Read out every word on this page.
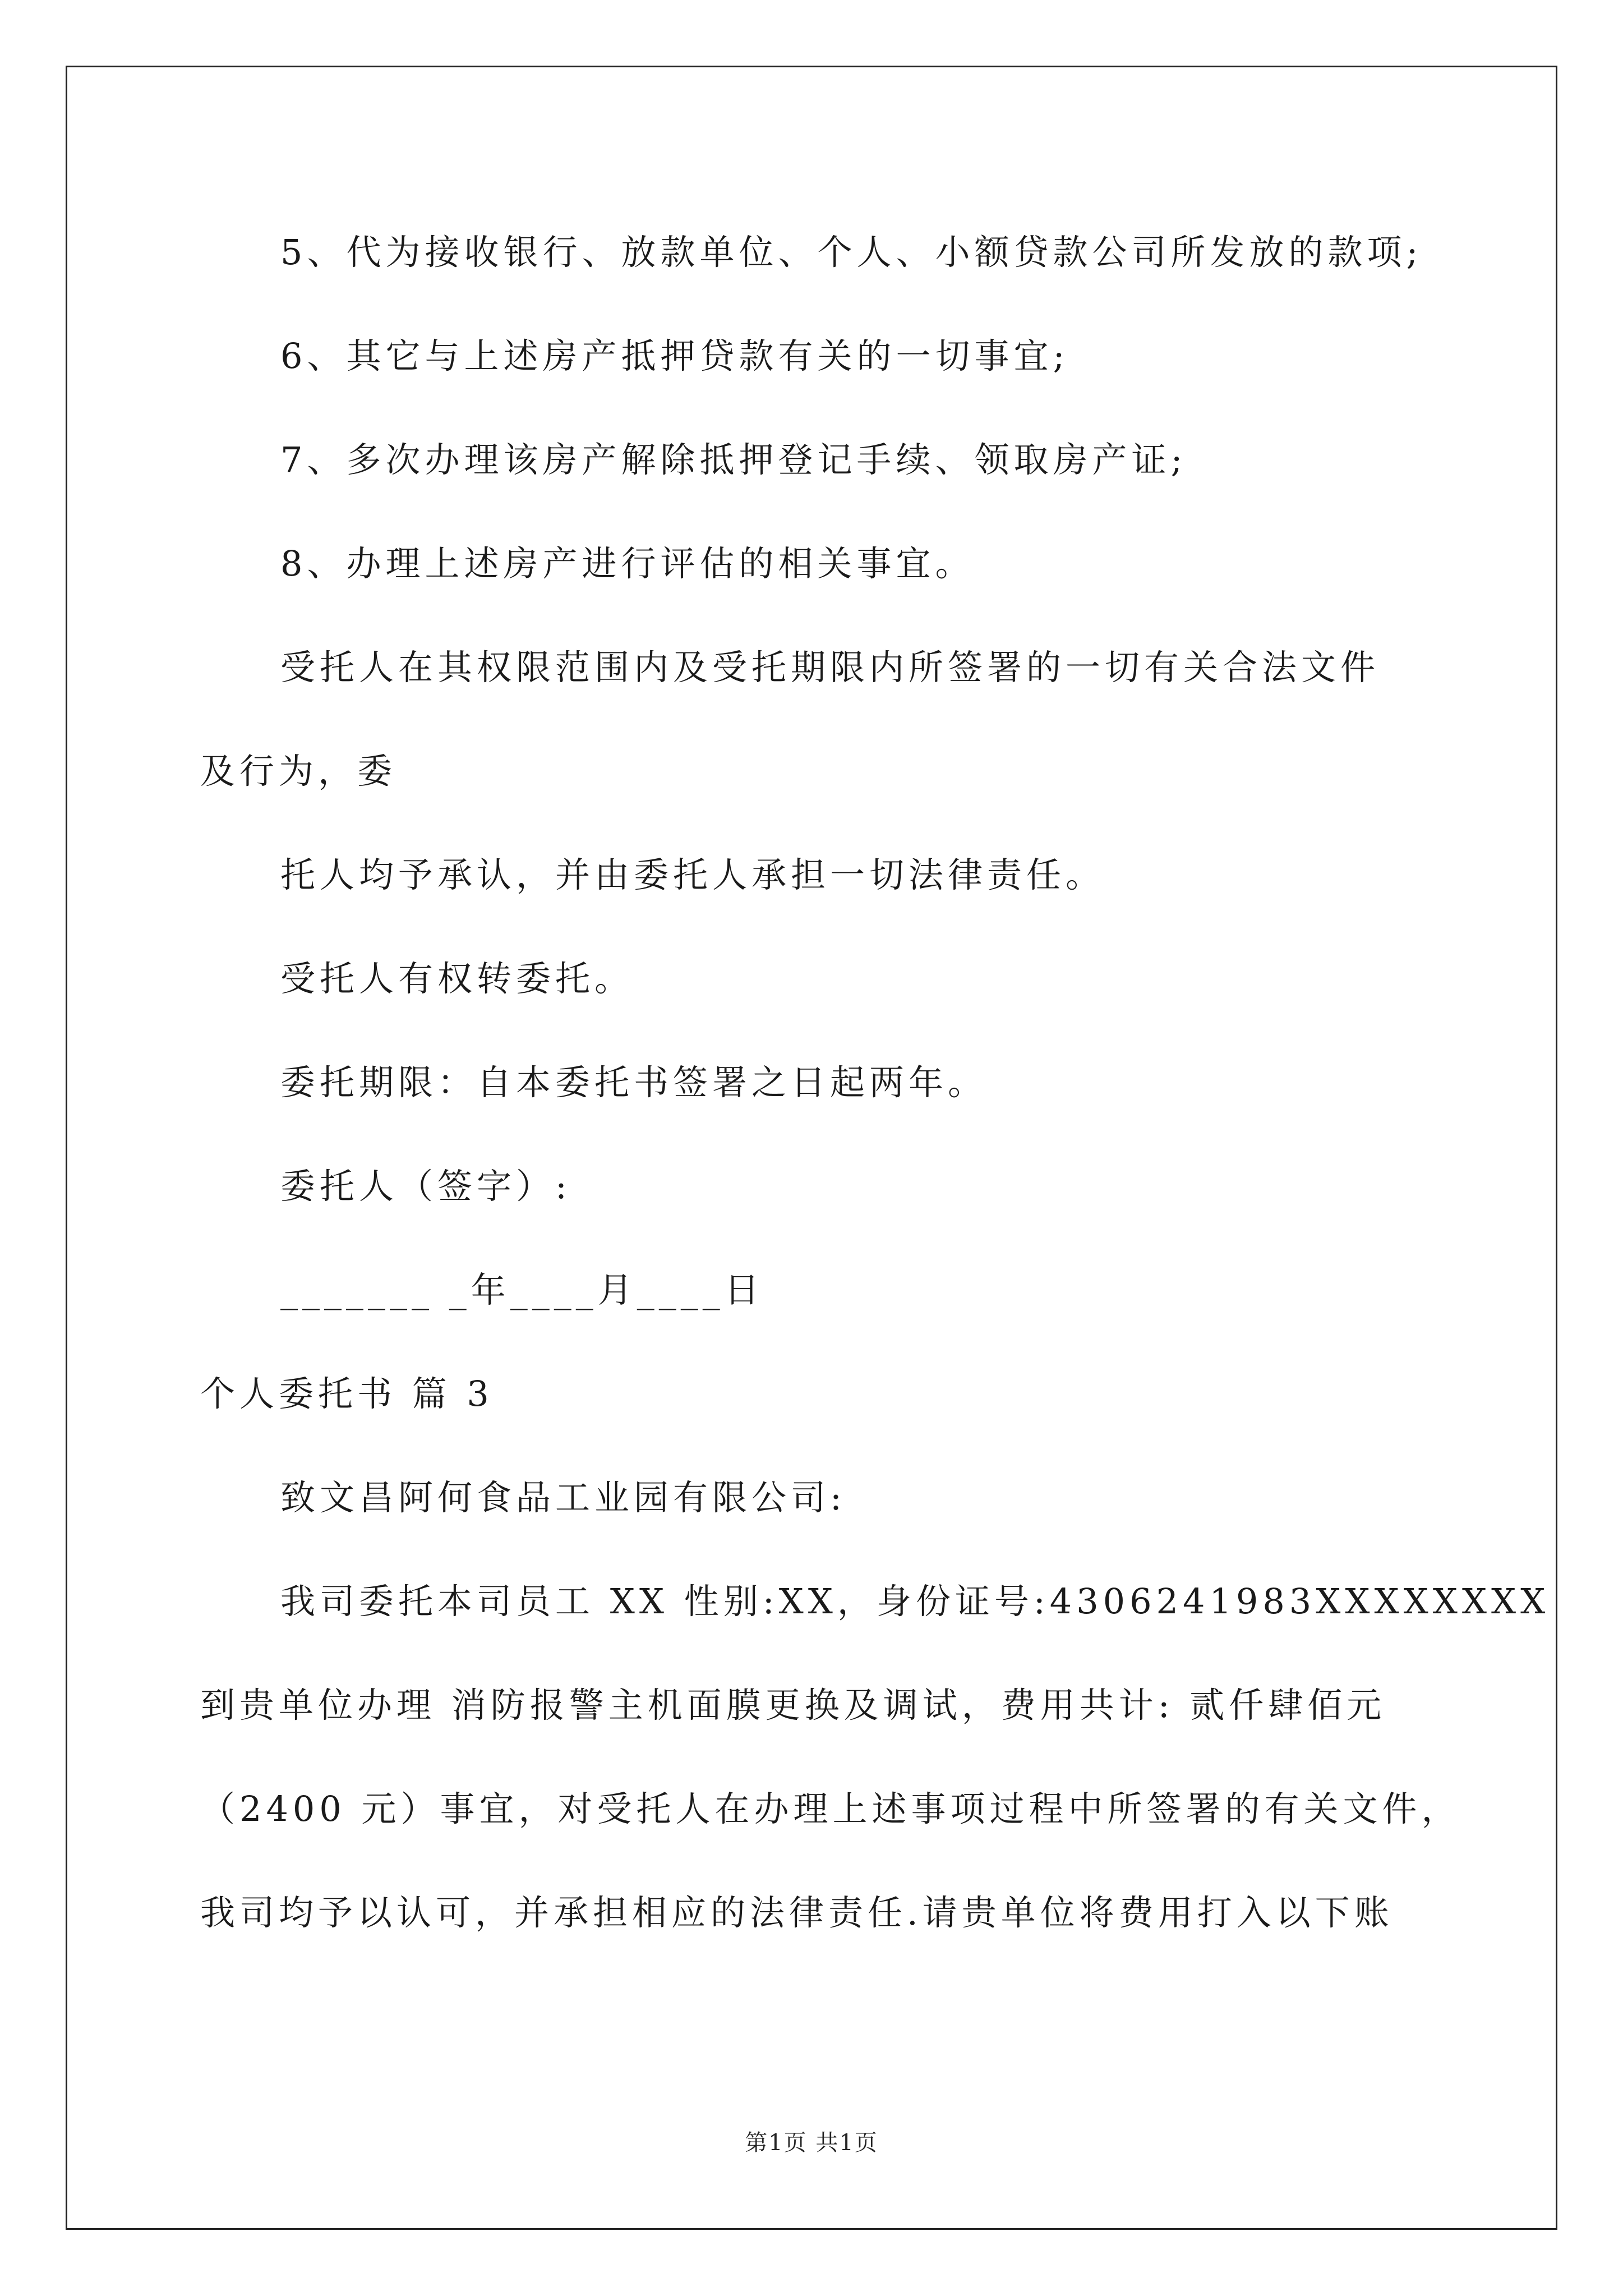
5、代为接收银行、放款单位、个人、小额贷款公司所发放的款项;

6、其它与上述房产抵押贷款有关的一切事宜;

7、多次办理该房产解除抵押登记手续、领取房产证;

8、办理上述房产进行评估的相关事宜。

受托人在其权限范围内及受托期限内所签署的一切有关合法文件

及行为，委

托人均予承认，并由委托人承担一切法律责任。

受托人有权转委托。

委托期限：自本委托书签署之日起两年。

委托人（签字）:

_______ _年____月____日

个人委托书 篇 3

致文昌阿何食品工业园有限公司:

我司委托本司员工 XX 性别:XX，身份证号:4306241983XXXXXXXX

到贵单位办理 消防报警主机面膜更换及调试，费用共计: 贰仟肆佰元

（2400 元）事宜，对受托人在办理上述事项过程中所签署的有关文件，

我司均予以认可，并承担相应的法律责任.请贵单位将费用打入以下账

第1页 共1页
